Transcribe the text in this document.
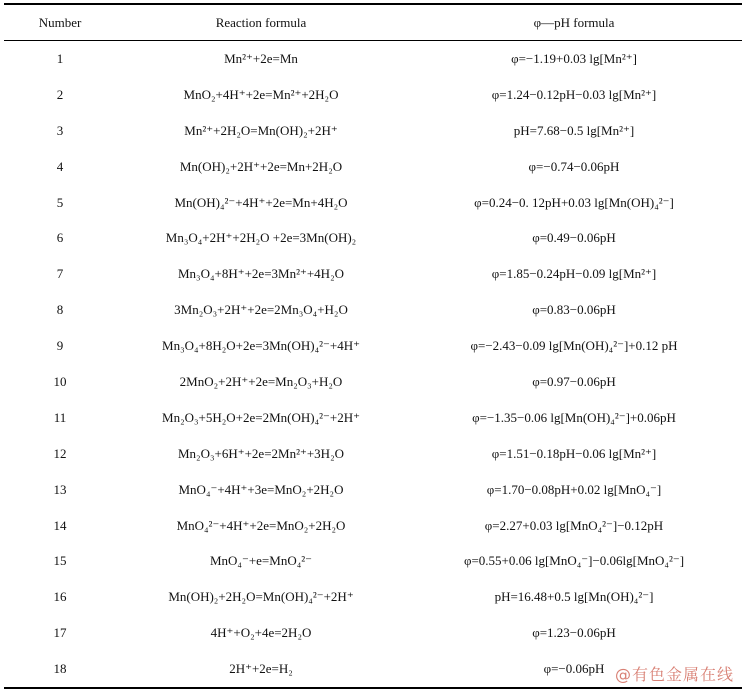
Number	Reaction formula	φ—pH formula
1	Mn²⁺+2e=Mn	φ=−1.19+0.03 lg[Mn²⁺]
2	MnO₂+4H⁺+2e=Mn²⁺+2H₂O	φ=1.24−0.12pH−0.03 lg[Mn²⁺]
3	Mn²⁺+2H₂O=Mn(OH)₂+2H⁺	pH=7.68−0.5 lg[Mn²⁺]
4	Mn(OH)₂+2H⁺+2e=Mn+2H₂O	φ=−0.74−0.06pH
5	Mn(OH)₄²⁻+4H⁺+2e=Mn+4H₂O	φ=0.24−0. 12pH+0.03 lg[Mn(OH)₄²⁻]
6	Mn₃O₄+2H⁺+2H₂O +2e=3Mn(OH)₂	φ=0.49−0.06pH
7	Mn₃O₄+8H⁺+2e=3Mn²⁺+4H₂O	φ=1.85−0.24pH−0.09 lg[Mn²⁺]
8	3Mn₂O₃+2H⁺+2e=2Mn₃O₄+H₂O	φ=0.83−0.06pH
9	Mn₃O₄+8H₂O+2e=3Mn(OH)₄²⁻+4H⁺	φ=−2.43−0.09 lg[Mn(OH)₄²⁻]+0.12 pH
10	2MnO₂+2H⁺+2e=Mn₂O₃+H₂O	φ=0.97−0.06pH
11	Mn₂O₃+5H₂O+2e=2Mn(OH)₄²⁻+2H⁺	φ=−1.35−0.06 lg[Mn(OH)₄²⁻]+0.06pH
12	Mn₂O₃+6H⁺+2e=2Mn²⁺+3H₂O	φ=1.51−0.18pH−0.06 lg[Mn²⁺]
13	MnO₄⁻+4H⁺+3e=MnO₂+2H₂O	φ=1.70−0.08pH+0.02 lg[MnO₄⁻]
14	MnO₄²⁻+4H⁺+2e=MnO₂+2H₂O	φ=2.27+0.03 lg[MnO₄²⁻]−0.12pH
15	MnO₄⁻+e=MnO₄²⁻	φ=0.55+0.06 lg[MnO₄⁻]−0.06lg[MnO₄²⁻]
16	Mn(OH)₂+2H₂O=Mn(OH)₄²⁻+2H⁺	pH=16.48+0.5 lg[Mn(OH)₄²⁻]
17	4H⁺+O₂+4e=2H₂O	φ=1.23−0.06pH
18	2H⁺+2e=H₂	φ=−0.06pH @有色金属在线
